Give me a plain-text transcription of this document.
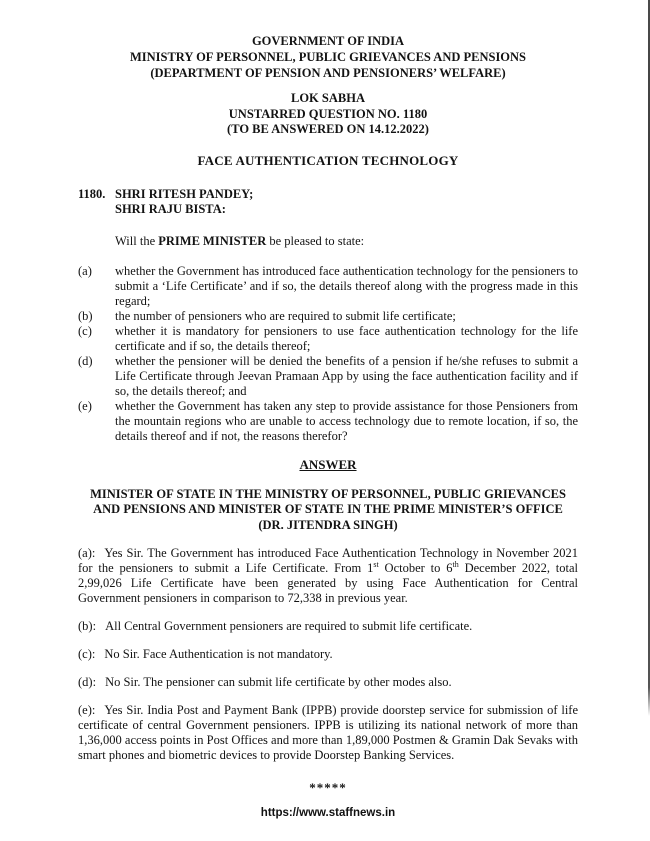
GOVERNMENT OF INDIA
MINISTRY OF PERSONNEL, PUBLIC GRIEVANCES AND PENSIONS
(DEPARTMENT OF PENSION AND PENSIONERS’ WELFARE)
LOK SABHA
UNSTARRED QUESTION NO. 1180
(TO BE ANSWERED ON 14.12.2022)
FACE AUTHENTICATION TECHNOLOGY
1180. SHRI RITESH PANDEY;
SHRI RAJU BISTA:
Will the PRIME MINISTER be pleased to state:
(a)	whether the Government has introduced face authentication technology for the pensioners to submit a ‘Life Certificate’ and if so, the details thereof along with the progress made in this regard;
(b)	the number of pensioners who are required to submit life certificate;
(c)	whether it is mandatory for pensioners to use face authentication technology for the life certificate and if so, the details thereof;
(d)	whether the pensioner will be denied the benefits of a pension if he/she refuses to submit a Life Certificate through Jeevan Pramaan App by using the face authentication facility and if so, the details thereof; and
(e)	whether the Government has taken any step to provide assistance for those Pensioners from the mountain regions who are unable to access technology due to remote location, if so, the details thereof and if not, the reasons therefor?
ANSWER
MINISTER OF STATE IN THE MINISTRY OF PERSONNEL, PUBLIC GRIEVANCES
AND PENSIONS AND MINISTER OF STATE IN THE PRIME MINISTER’S OFFICE
(DR. JITENDRA SINGH)

(a): Yes Sir. The Government has introduced Face Authentication Technology in November 2021 for the pensioners to submit a Life Certificate. From 1st October to 6th December 2022, total 2,99,026 Life Certificate have been generated by using Face Authentication for Central Government pensioners in comparison to 72,338 in previous year.

(b): All Central Government pensioners are required to submit life certificate.

(c): No Sir. Face Authentication is not mandatory.

(d): No Sir. The pensioner can submit life certificate by other modes also.

(e): Yes Sir. India Post and Payment Bank (IPPB) provide doorstep service for submission of life certificate of central Government pensioners. IPPB is utilizing its national network of more than 1,36,000 access points in Post Offices and more than 1,89,000 Postmen & Gramin Dak Sevaks with smart phones and biometric devices to provide Doorstep Banking Services.

*****
https://www.staffnews.in
